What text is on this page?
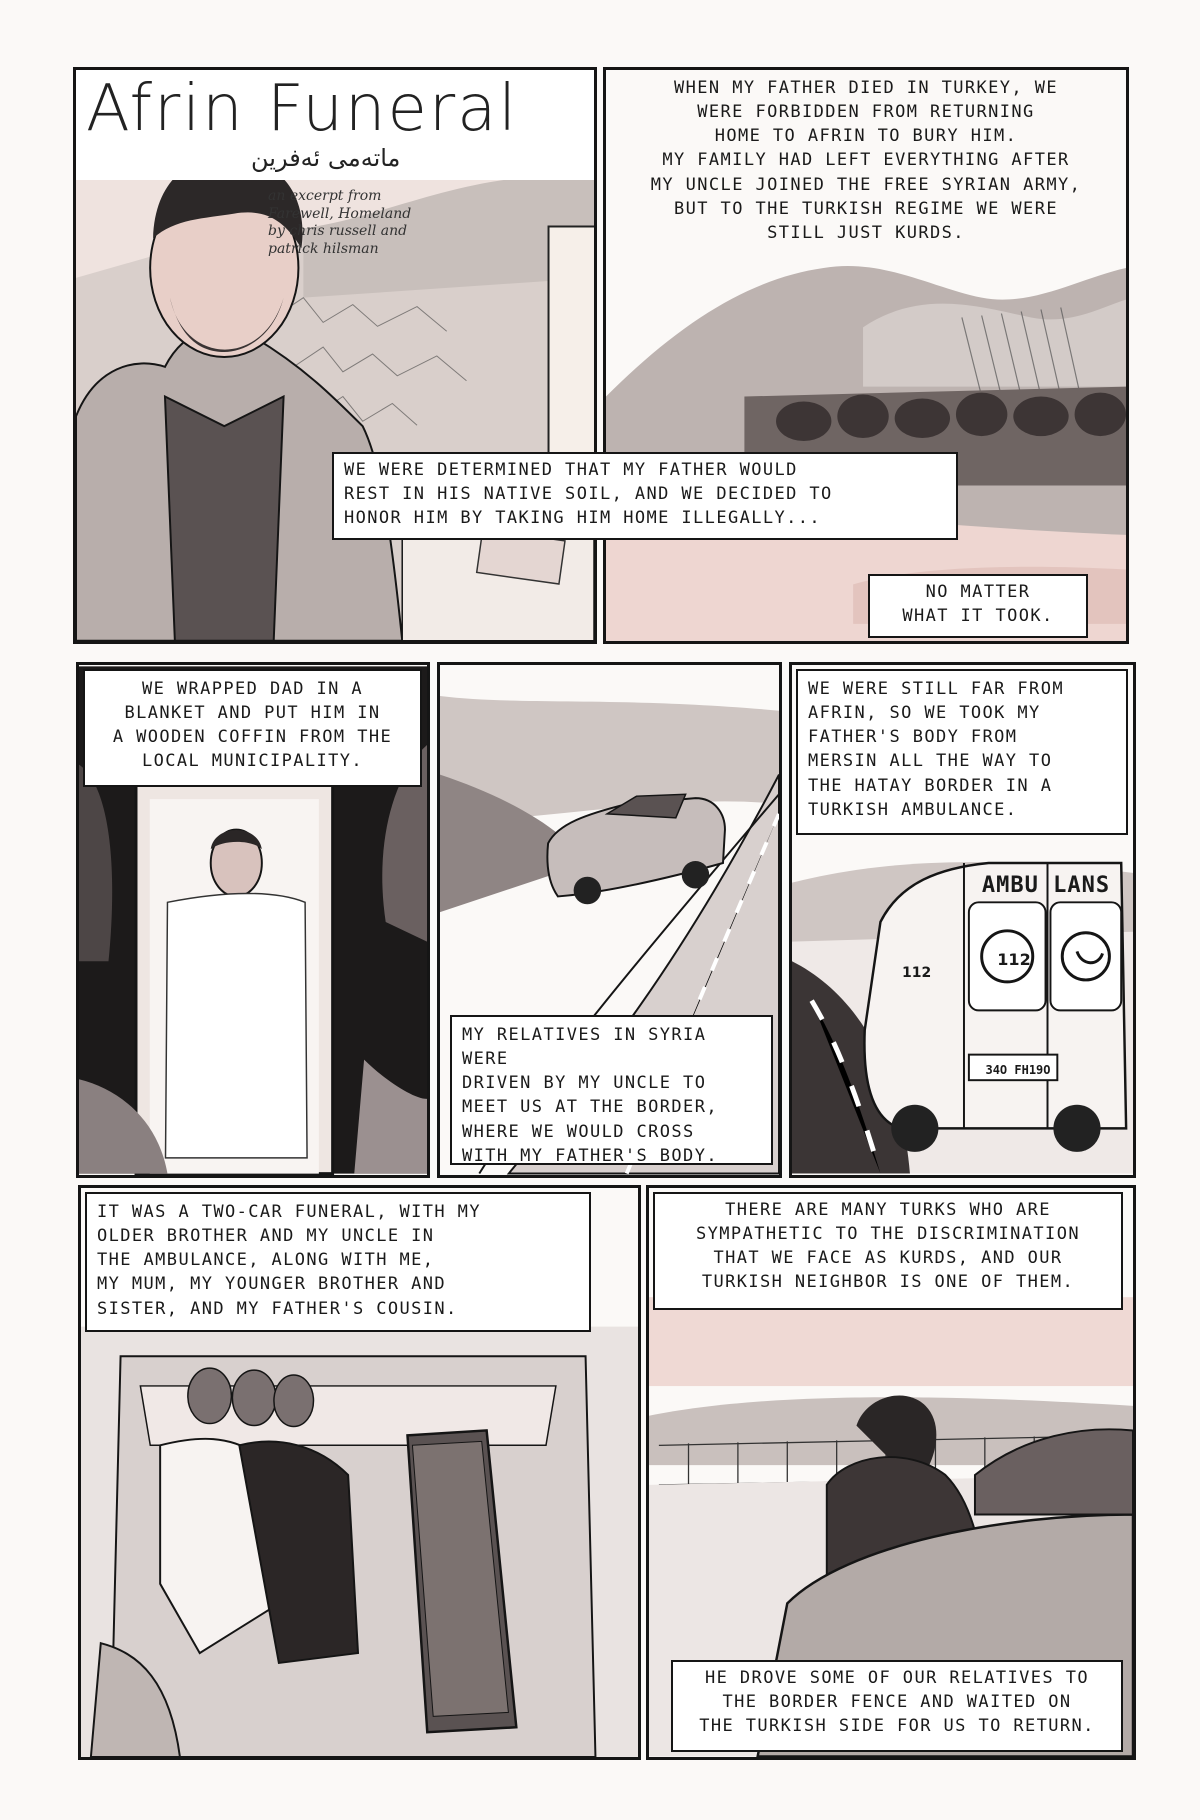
Afrin Funeral
ماتەمی ئەفرین
an excerpt from
Farewell, Homeland
by chris russell and
patrick hilsman
WHEN MY FATHER DIED IN TURKEY, WE
WERE FORBIDDEN FROM RETURNING
HOME TO AFRIN TO BURY HIM.
MY FAMILY HAD LEFT EVERYTHING AFTER
MY UNCLE JOINED THE FREE SYRIAN ARMY,
BUT TO THE TURKISH REGIME WE WERE
STILL JUST KURDS.
WE WERE DETERMINED THAT MY FATHER WOULD
REST IN HIS NATIVE SOIL, AND WE DECIDED TO
HONOR HIM BY TAKING HIM HOME ILLEGALLY...
NO MATTER
WHAT IT TOOK.
WE WRAPPED DAD IN A
BLANKET AND PUT HIM IN
A WOODEN COFFIN FROM THE
LOCAL MUNICIPALITY.
MY RELATIVES IN SYRIA WERE
DRIVEN BY MY UNCLE TO
MEET US AT THE BORDER,
WHERE WE WOULD CROSS
WITH MY FATHER'S BODY.
WE WERE STILL FAR FROM
AFRIN, SO WE TOOK MY
FATHER'S BODY FROM
MERSIN ALL THE WAY TO
THE HATAY BORDER IN A
TURKISH AMBULANCE.
AMBU LANS
112
112
34O FH19O
IT WAS A TWO-CAR FUNERAL, WITH MY
OLDER BROTHER AND MY UNCLE IN
THE AMBULANCE, ALONG WITH ME,
MY MUM, MY YOUNGER BROTHER AND
SISTER, AND MY FATHER'S COUSIN.
THERE ARE MANY TURKS WHO ARE
SYMPATHETIC TO THE DISCRIMINATION
THAT WE FACE AS KURDS, AND OUR
TURKISH NEIGHBOR IS ONE OF THEM.
HE DROVE SOME OF OUR RELATIVES TO
THE BORDER FENCE AND WAITED ON
THE TURKISH SIDE FOR US TO RETURN.
